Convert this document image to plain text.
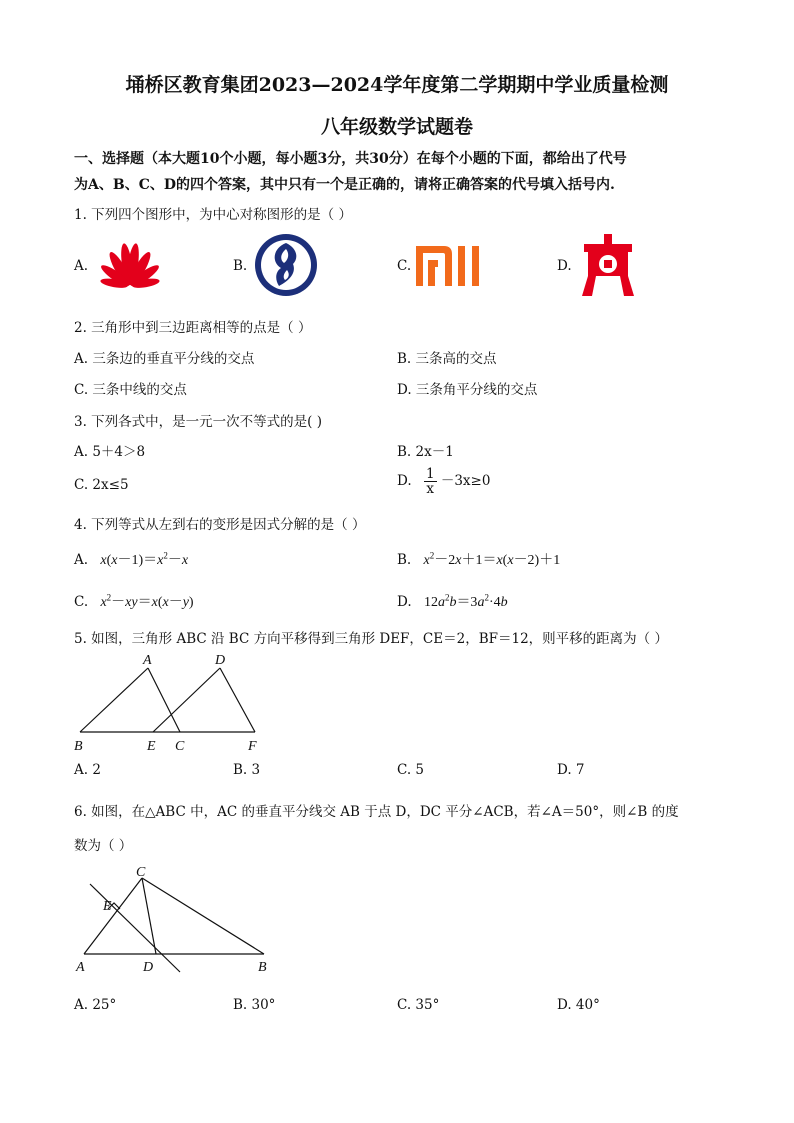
埇桥区教育集团2023—2024学年度第二学期期中学业质量检测
八年级数学试题卷
一、选择题（本大题10个小题，每小题3分，共30分）在每个小题的下面，都给出了代号
为A、B、C、D的四个答案，其中只有一个是正确的，请将正确答案的代号填入括号内.
1. 下列四个图形中，为中心对称图形的是（ ）
A.	B.	C.	D.
2. 三角形中到三边距离相等的点是（ ）
A. 三条边的垂直平分线的交点	B. 三条高的交点
C. 三条中线的交点	D. 三条角平分线的交点
3. 下列各式中，是一元一次不等式的是( )
A. 5＋4＞8	B. 2x－1
C. 2x≤5	D. $\frac{1}{x} -3x\ge 0$
4. 下列等式从左到右的变形是因式分解的是（ ）
A. $x(x-1)=x^2-x$	B. $x^2-2x+1=x(x-2)+1$
C. $x^2-xy=x(x-y)$	D. $12a^2b=3a^2\cdot 4b$
5. 如图，三角形 ABC 沿 BC 方向平移得到三角形 DEF，CE＝2，BF＝12，则平移的距离为（ ）
A	D
B	E C	F
A. 2	B. 3	C. 5	D. 7
6. 如图，在△ABC 中，AC 的垂直平分线交 AB 于点 D，DC 平分∠ACB，若∠A＝50°，则∠B 的度
数为（ ）
C
E
A	D	B
A. 25°	B. 30°	C. 35°	D. 40°
